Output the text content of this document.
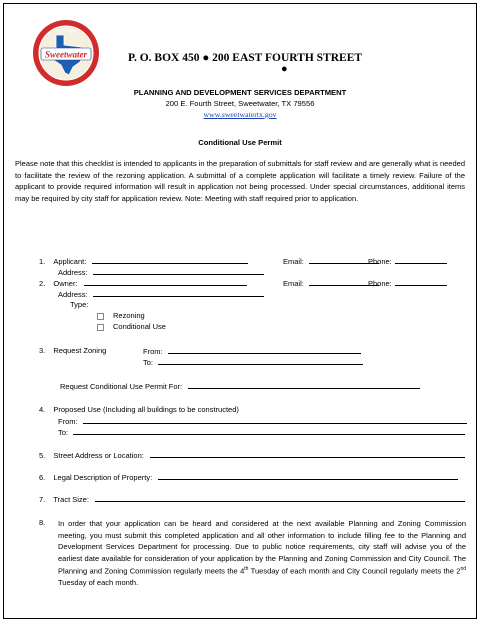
CITY OF
Sweetwater	P. O. BOX 450 ● 200 EAST FOURTH STREET
●
PLANNING AND DEVELOPMENT SERVICES DEPARTMENT
200 E. Fourth Street, Sweetwater, TX 79556
www.sweetwatertx.gov
Conditional Use Permit
Please note that this checklist is intended to applicants in the preparation of submittals for staff review and are generally what is needed to facilitate the review of the rezoning application. A submittal of a complete application will facilitate a timely review. Failure of the applicant to provide required information will result in application not being processed. Under special circumstances, additional items may be required by city staff for application review. Note: Meeting with staff required prior to application.
1. Applicant:	Email:	Phone:
Address:
2. Owner:	Email:	Phone:
Address:
Type:
Rezoning
Conditional Use
3. Request Zoning	From:
To:
Request Conditional Use Permit For:
4. Proposed Use (Including all buildings to be constructed)
From:
To:
5. Street Address or Location:
6. Legal Description of Property:
7. Tract Size:
8. In order that your application can be heard and considered at the next available Planning and Zoning Commission meeting, you must submit this completed application and all other information to include filling fee to the Planning and Development Services Department for processing. Due to public notice requirements, city staff will advise you of the earliest date available for consideration of your application by the Planning and Zoning Commission and City Council. The Planning and Zoning Commission regularly meets the 4th Tuesday of each month and City Council regularly meets the 2nd Tuesday of each month.
